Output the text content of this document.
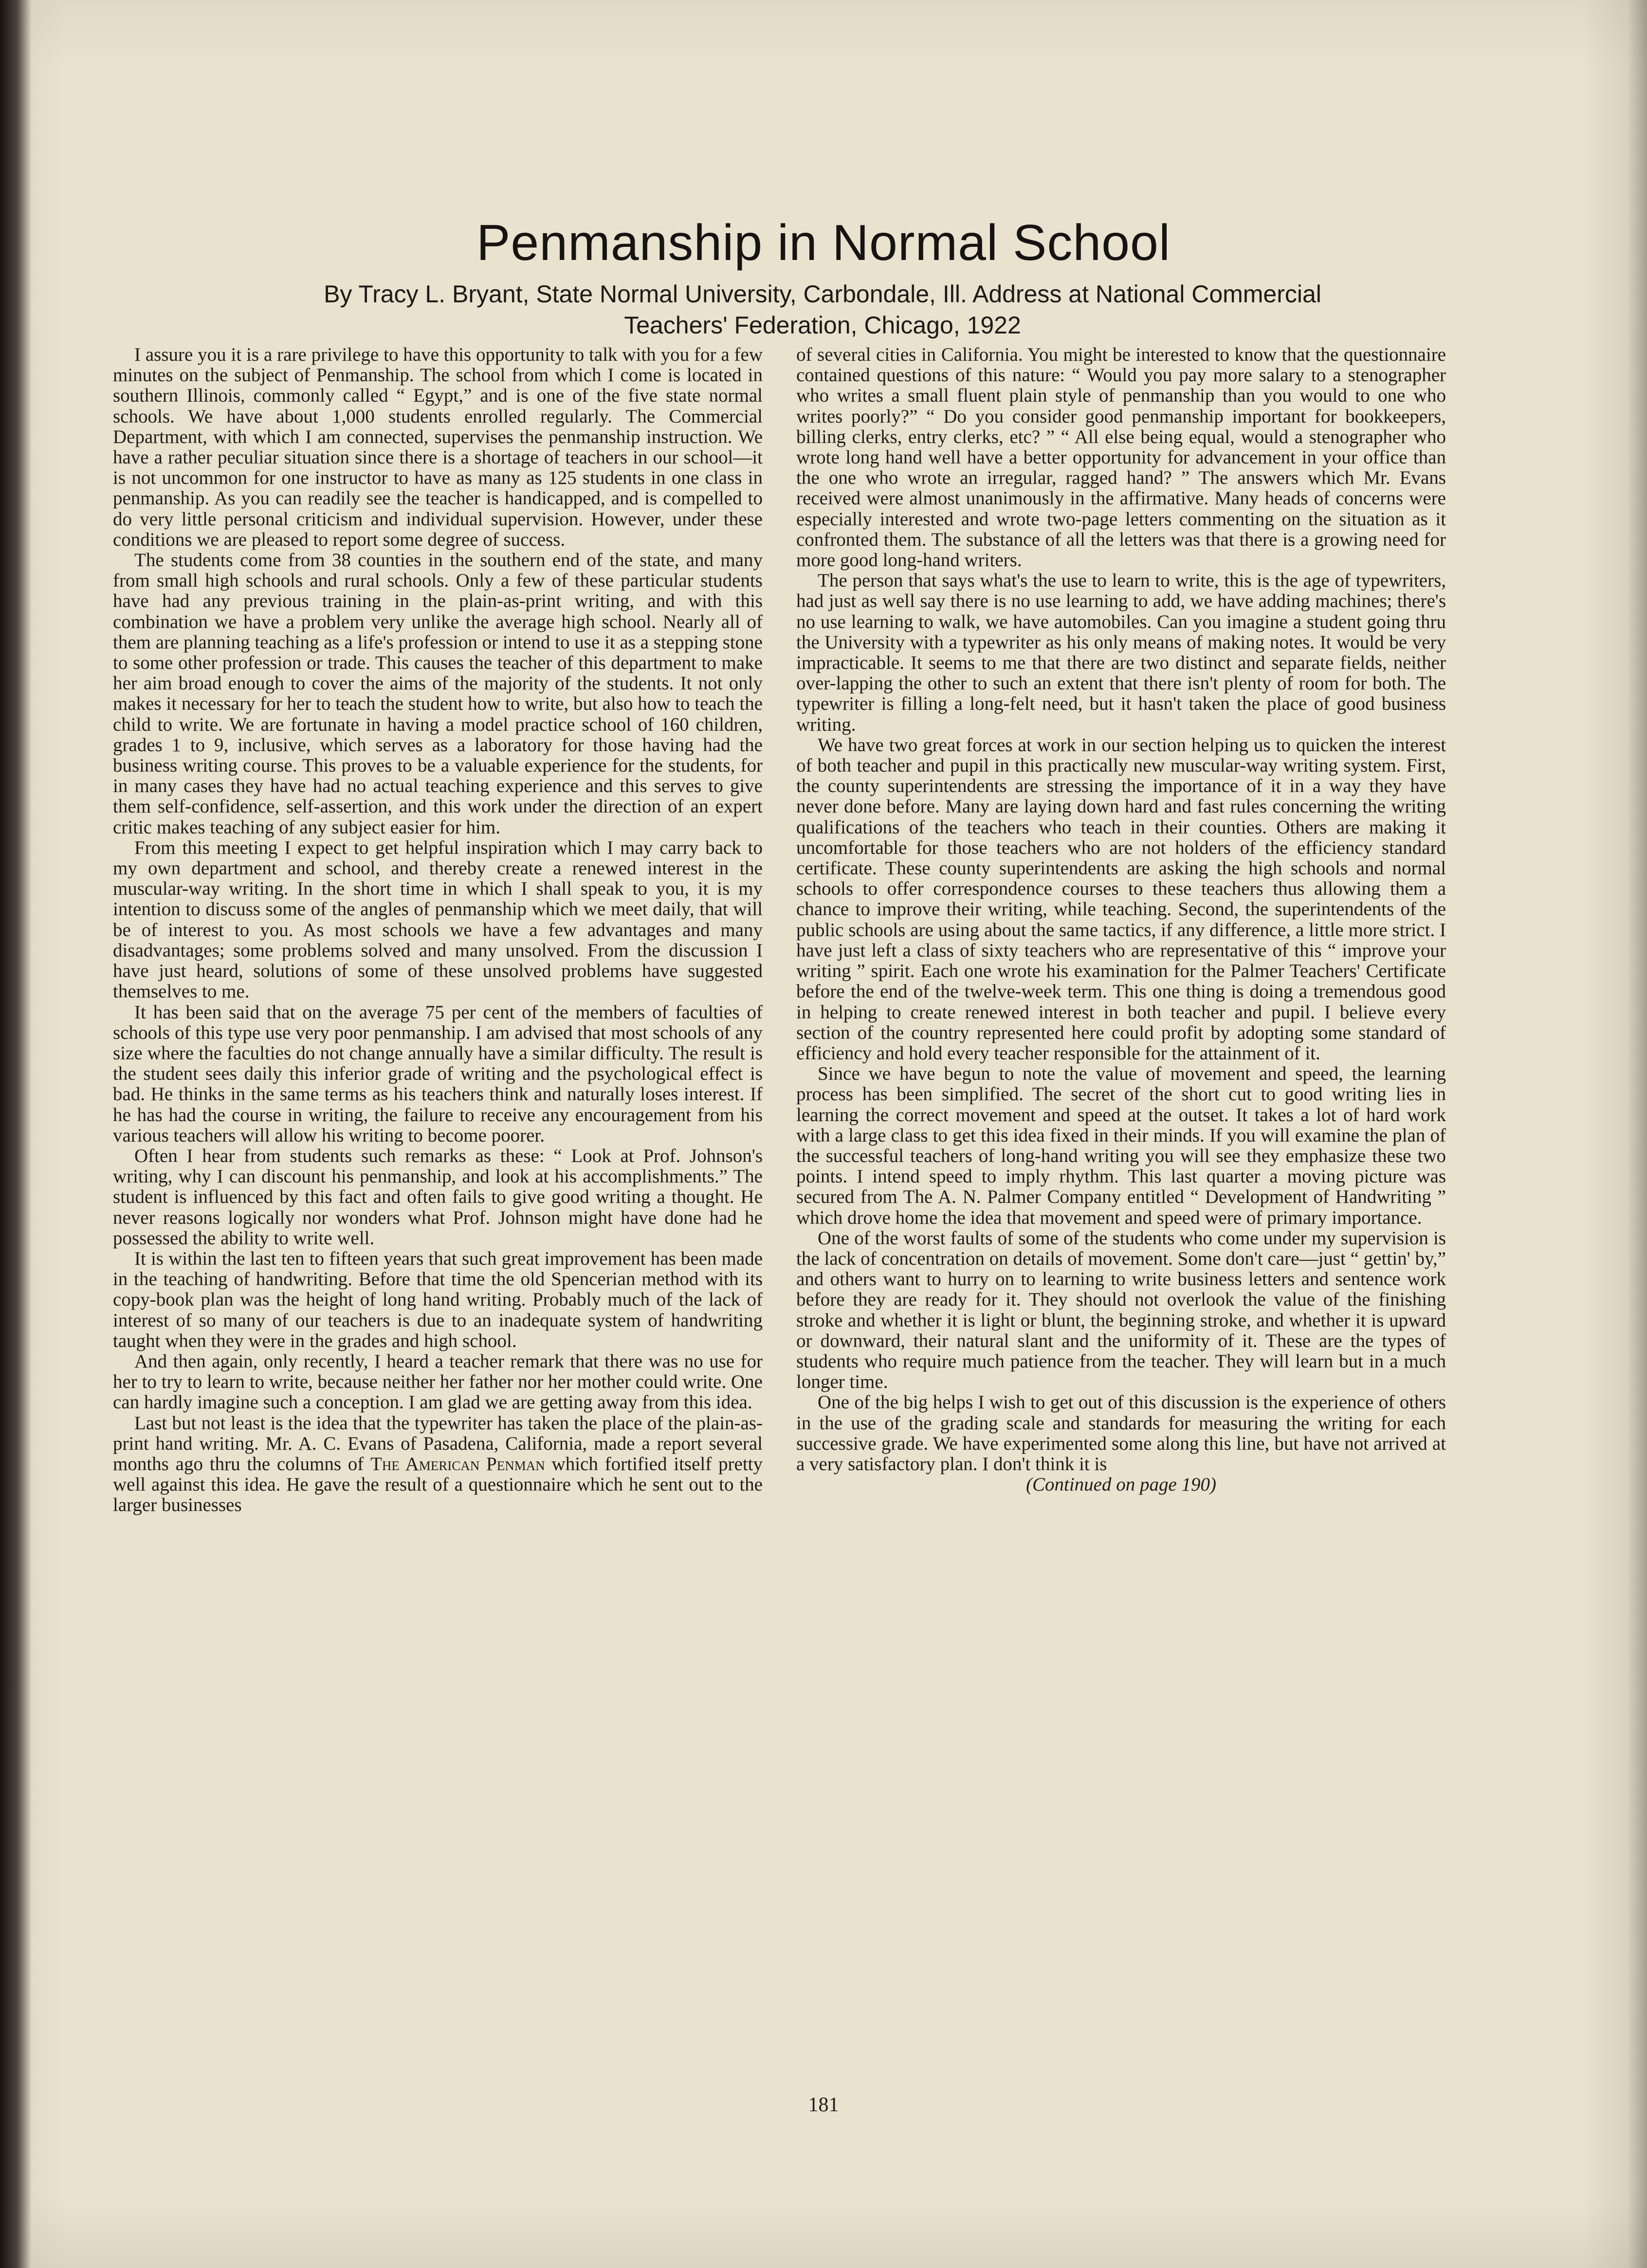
Penmanship in Normal School
By Tracy L. Bryant, State Normal University, Carbondale, Ill. Address at National Commercial
Teachers' Federation, Chicago, 1922

I assure you it is a rare privilege to have this opportunity to talk with you for a few minutes on the subject of Penmanship. The school from which I come is located in southern Illinois, commonly called “ Egypt,” and is one of the five state normal schools. We have about 1,000 students enrolled regularly. The Commercial Department, with which I am connected, supervises the penmanship instruction. We have a rather peculiar situation since there is a shortage of teachers in our school—it is not uncommon for one instructor to have as many as 125 students in one class in penmanship. As you can readily see the teacher is handicapped, and is compelled to do very little personal criticism and individual supervision. However, under these conditions we are pleased to report some degree of success.

The students come from 38 counties in the southern end of the state, and many from small high schools and rural schools. Only a few of these particular students have had any previous training in the plain-as-print writing, and with this combination we have a problem very unlike the average high school. Nearly all of them are planning teaching as a life's profession or intend to use it as a stepping stone to some other profession or trade. This causes the teacher of this department to make her aim broad enough to cover the aims of the majority of the students. It not only makes it necessary for her to teach the student how to write, but also how to teach the child to write. We are fortunate in having a model practice school of 160 children, grades 1 to 9, inclusive, which serves as a laboratory for those having had the business writing course. This proves to be a valuable experience for the students, for in many cases they have had no actual teaching experience and this serves to give them self-confidence, self-assertion, and this work under the direction of an expert critic makes teaching of any subject easier for him.

From this meeting I expect to get helpful inspiration which I may carry back to my own department and school, and thereby create a renewed interest in the muscular-way writing. In the short time in which I shall speak to you, it is my intention to discuss some of the angles of penmanship which we meet daily, that will be of interest to you. As most schools we have a few advantages and many disadvantages; some problems solved and many unsolved. From the discussion I have just heard, solutions of some of these unsolved problems have suggested themselves to me.

It has been said that on the average 75 per cent of the members of faculties of schools of this type use very poor penmanship. I am advised that most schools of any size where the faculties do not change annually have a similar difficulty. The result is the student sees daily this inferior grade of writing and the psychological effect is bad. He thinks in the same terms as his teachers think and naturally loses interest. If he has had the course in writing, the failure to receive any encouragement from his various teachers will allow his writing to become poorer.

Often I hear from students such remarks as these: “ Look at Prof. Johnson's writing, why I can discount his penmanship, and look at his accomplishments.” The student is influenced by this fact and often fails to give good writing a thought. He never reasons logically nor wonders what Prof. Johnson might have done had he possessed the ability to write well.

It is within the last ten to fifteen years that such great improvement has been made in the teaching of handwriting. Before that time the old Spencerian method with its copy-book plan was the height of long hand writing. Probably much of the lack of interest of so many of our teachers is due to an inadequate system of handwriting taught when they were in the grades and high school.

And then again, only recently, I heard a teacher remark that there was no use for her to try to learn to write, because neither her father nor her mother could write. One can hardly imagine such a conception. I am glad we are getting away from this idea.

Last but not least is the idea that the typewriter has taken the place of the plain-as-print hand writing. Mr. A. C. Evans of Pasadena, California, made a report several months ago thru the columns of The American Penman which fortified itself pretty well against this idea. He gave the result of a questionnaire which he sent out to the larger businesses

of several cities in California. You might be interested to know that the questionnaire contained questions of this nature: “ Would you pay more salary to a stenographer who writes a small fluent plain style of penmanship than you would to one who writes poorly?” “ Do you consider good penmanship important for bookkeepers, billing clerks, entry clerks, etc? ” “ All else being equal, would a stenographer who wrote long hand well have a better opportunity for advancement in your office than the one who wrote an irregular, ragged hand? ” The answers which Mr. Evans received were almost unanimously in the affirmative. Many heads of concerns were especially interested and wrote two-page letters commenting on the situation as it confronted them. The substance of all the letters was that there is a growing need for more good long-hand writers.

The person that says what's the use to learn to write, this is the age of typewriters, had just as well say there is no use learning to add, we have adding machines; there's no use learning to walk, we have automobiles. Can you imagine a student going thru the University with a typewriter as his only means of making notes. It would be very impracticable. It seems to me that there are two distinct and separate fields, neither over-lapping the other to such an extent that there isn't plenty of room for both. The typewriter is filling a long-felt need, but it hasn't taken the place of good business writing.

We have two great forces at work in our section helping us to quicken the interest of both teacher and pupil in this practically new muscular-way writing system. First, the county superintendents are stressing the importance of it in a way they have never done before. Many are laying down hard and fast rules concerning the writing qualifications of the teachers who teach in their counties. Others are making it uncomfortable for those teachers who are not holders of the efficiency standard certificate. These county superintendents are asking the high schools and normal schools to offer correspondence courses to these teachers thus allowing them a chance to improve their writing, while teaching. Second, the superintendents of the public schools are using about the same tactics, if any difference, a little more strict. I have just left a class of sixty teachers who are representative of this “ improve your writing ” spirit. Each one wrote his examination for the Palmer Teachers' Certificate before the end of the twelve-week term. This one thing is doing a tremendous good in helping to create renewed interest in both teacher and pupil. I believe every section of the country represented here could profit by adopting some standard of efficiency and hold every teacher responsible for the attainment of it.

Since we have begun to note the value of movement and speed, the learning process has been simplified. The secret of the short cut to good writing lies in learning the correct movement and speed at the outset. It takes a lot of hard work with a large class to get this idea fixed in their minds. If you will examine the plan of the successful teachers of long-hand writing you will see they emphasize these two points. I intend speed to imply rhythm. This last quarter a moving picture was secured from The A. N. Palmer Company entitled “ Development of Handwriting ” which drove home the idea that movement and speed were of primary importance.

One of the worst faults of some of the students who come under my supervision is the lack of concentration on details of movement. Some don't care—just “ gettin' by,” and others want to hurry on to learning to write business letters and sentence work before they are ready for it. They should not overlook the value of the finishing stroke and whether it is light or blunt, the beginning stroke, and whether it is upward or downward, their natural slant and the uniformity of it. These are the types of students who require much patience from the teacher. They will learn but in a much longer time.

One of the big helps I wish to get out of this discussion is the experience of others in the use of the grading scale and standards for measuring the writing for each successive grade. We have experimented some along this line, but have not arrived at a very satisfactory plan. I don't think it is

(Continued on page 190)

181
